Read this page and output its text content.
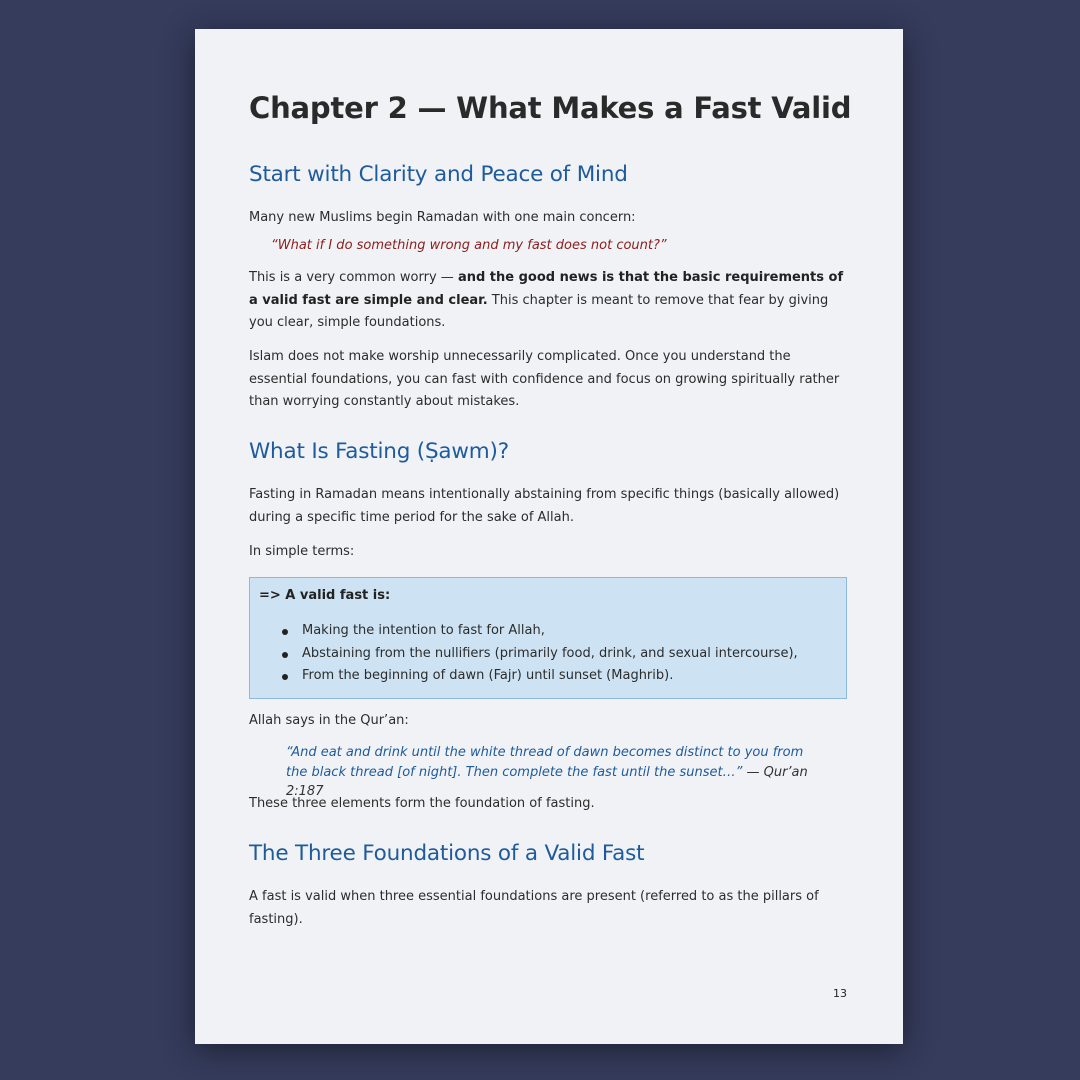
Chapter 2 — What Makes a Fast Valid
Start with Clarity and Peace of Mind

Many new Muslims begin Ramadan with one main concern:

“What if I do something wrong and my fast does not count?”

This is a very common worry — and the good news is that the basic requirements of a valid fast are simple and clear. This chapter is meant to remove that fear by giving you clear, simple foundations.

Islam does not make worship unnecessarily complicated. Once you understand the essential foundations, you can fast with confidence and focus on growing spiritually rather than worrying constantly about mistakes.

What Is Fasting (Ṣawm)?

Fasting in Ramadan means intentionally abstaining from specific things (basically allowed) during a specific time period for the sake of Allah.

In simple terms:

=> A valid fast is:

Making the intention to fast for Allah,
Abstaining from the nullifiers (primarily food, drink, and sexual intercourse),
From the beginning of dawn (Fajr) until sunset (Maghrib).

Allah says in the Qur’an:

“And eat and drink until the white thread of dawn becomes distinct to you from the black thread [of night]. Then complete the fast until the sunset…” — Qur’an 2:187

These three elements form the foundation of fasting.

The Three Foundations of a Valid Fast

A fast is valid when three essential foundations are present (referred to as the pillars of fasting).

13
